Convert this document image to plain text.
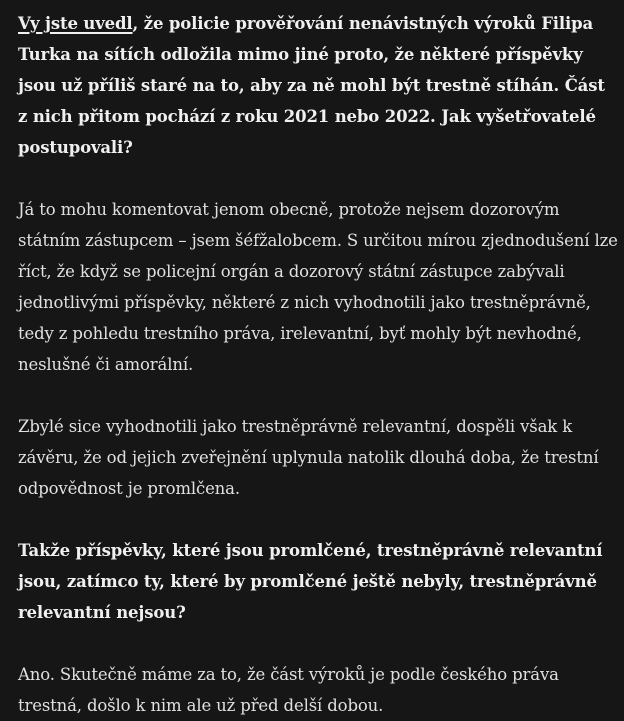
Vy jste uvedl, že policie prověřování nenávistných výroků Filipa Turka na sítích odložila mimo jiné proto, že některé příspěvky jsou už příliš staré na to, aby za ně mohl být trestně stíhán. Část z nich přitom pochází z roku 2021 nebo 2022. Jak vyšetřovatelé postupovali?

Já to mohu komentovat jenom obecně, protože nejsem dozorovým státním zástupcem – jsem šéfžalobcem. S určitou mírou zjednodušení lze říct, že když se policejní orgán a dozorový státní zástupce zabývali jednotlivými příspěvky, některé z nich vyhodnotili jako trestněprávně, tedy z pohledu trestního práva, irelevantní, byť mohly být nevhodné, neslušné či amorální.

Zbylé sice vyhodnotili jako trestněprávně relevantní, dospěli však k závěru, že od jejich zveřejnění uplynula natolik dlouhá doba, že trestní odpovědnost je promlčena.

Takže příspěvky, které jsou promlčené, trestněprávně relevantní jsou, zatímco ty, které by promlčené ještě nebyly, trestněprávně relevantní nejsou?

Ano. Skutečně máme za to, že část výroků je podle českého práva trestná, došlo k nim ale už před delší dobou.
